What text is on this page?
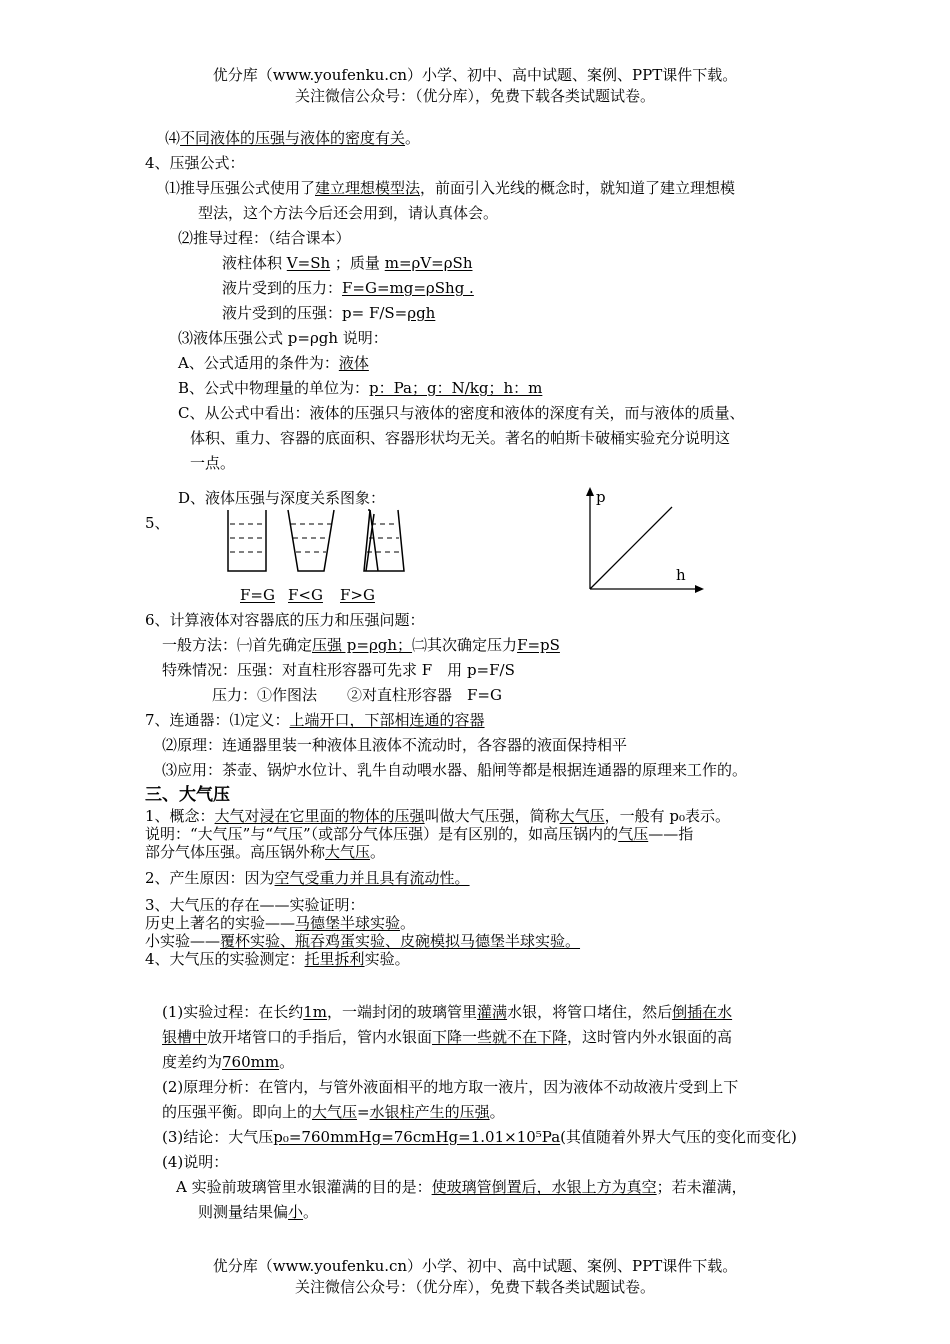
优分库（www.youfenku.cn）小学、初中、高中试题、案例、PPT课件下载。
关注微信公众号：（优分库），免费下载各类试题试卷。
⑷不同液体的压强与液体的密度有关。
4、压强公式：
⑴推导压强公式使用了建立理想模型法，前面引入光线的概念时，就知道了建立理想模
型法，这个方法今后还会用到，请认真体会。
⑵推导过程：（结合课本）
液柱体积 V=Sh ；质量 m=ρV=ρSh
液片受到的压力：F=G=mg=ρShg .
液片受到的压强：p= F/S=ρgh
⑶液体压强公式 p=ρgh 说明：
A、公式适用的条件为：液体
B、公式中物理量的单位为：p：Pa；g：N/kg；h：m
C、从公式中看出：液体的压强只与液体的密度和液体的深度有关，而与液体的质量、
体积、重力、容器的底面积、容器形状均无关。著名的帕斯卡破桶实验充分说明这
一点。
D、液体压强与深度关系图象：
5、
F=G F<G F>G
p
h
6、计算液体对容器底的压力和压强问题：
一般方法：㈠首先确定压强 p=ρgh；㈡其次确定压力F=pS
特殊情况：压强：对直柱形容器可先求 F　用 p=F/S
压力：①作图法　　②对直柱形容器　F=G
7、连通器：⑴定义：上端开口，下部相连通的容器
⑵原理：连通器里装一种液体且液体不流动时，各容器的液面保持相平
⑶应用：茶壶、锅炉水位计、乳牛自动喂水器、船闸等都是根据连通器的原理来工作的。
三、大气压
1、概念：大气对浸在它里面的物体的压强叫做大气压强，简称大气压，一般有 p₀表示。
说明：“大气压”与“气压”（或部分气体压强）是有区别的，如高压锅内的气压——指
部分气体压强。高压锅外称大气压。
2、产生原因：因为空气受重力并且具有流动性。
3、大气压的存在——实验证明：
历史上著名的实验——马德堡半球实验。
小实验——覆杯实验、瓶吞鸡蛋实验、皮碗模拟马德堡半球实验。
4、大气压的实验测定：托里拆利实验。
(1)实验过程：在长约1m，一端封闭的玻璃管里灌满水银，将管口堵住，然后倒插在水
银槽中放开堵管口的手指后，管内水银面下降一些就不在下降，这时管内外水银面的高
度差约为760mm。
(2)原理分析：在管内，与管外液面相平的地方取一液片，因为液体不动故液片受到上下
的压强平衡。即向上的大气压=水银柱产生的压强。
(3)结论：大气压p₀=760mmHg=76cmHg=1.01×10⁵Pa(其值随着外界大气压的变化而变化)
(4)说明：
A 实验前玻璃管里水银灌满的目的是：使玻璃管倒置后，水银上方为真空；若未灌满，
则测量结果偏小。
优分库（www.youfenku.cn）小学、初中、高中试题、案例、PPT课件下载。
关注微信公众号：（优分库），免费下载各类试题试卷。
